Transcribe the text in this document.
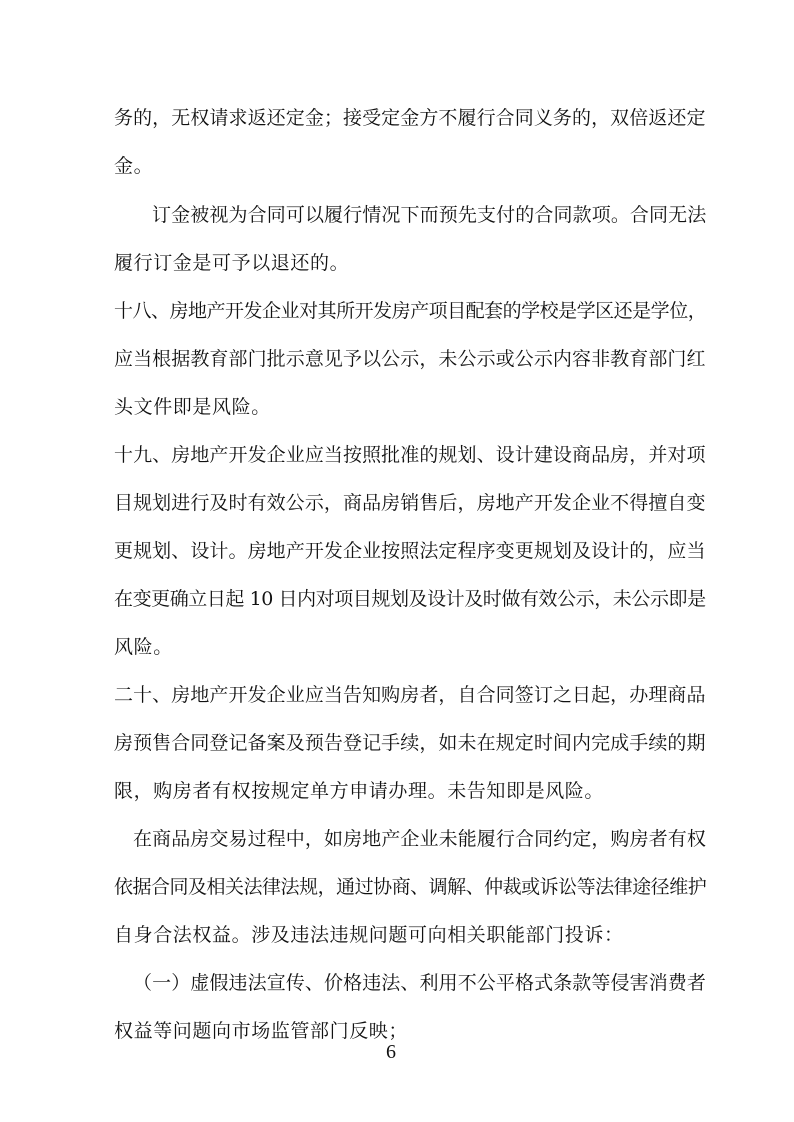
务的，无权请求返还定金；接受定金方不履行合同义务的，双倍返还定
金。
订金被视为合同可以履行情况下而预先支付的合同款项。合同无法
履行订金是可予以退还的。
十八、房地产开发企业对其所开发房产项目配套的学校是学区还是学位，
应当根据教育部门批示意见予以公示，未公示或公示内容非教育部门红
头文件即是风险。
十九、房地产开发企业应当按照批准的规划、设计建设商品房，并对项
目规划进行及时有效公示，商品房销售后，房地产开发企业不得擅自变
更规划、设计。房地产开发企业按照法定程序变更规划及设计的，应当
在变更确立日起 10 日内对项目规划及设计及时做有效公示，未公示即是
风险。
二十、房地产开发企业应当告知购房者，自合同签订之日起，办理商品
房预售合同登记备案及预告登记手续，如未在规定时间内完成手续的期
限，购房者有权按规定单方申请办理。未告知即是风险。
在商品房交易过程中，如房地产企业未能履行合同约定，购房者有权
依据合同及相关法律法规，通过协商、调解、仲裁或诉讼等法律途径维护
自身合法权益。涉及违法违规问题可向相关职能部门投诉：
（一）虚假违法宣传、价格违法、利用不公平格式条款等侵害消费者
权益等问题向市场监管部门反映；
6
